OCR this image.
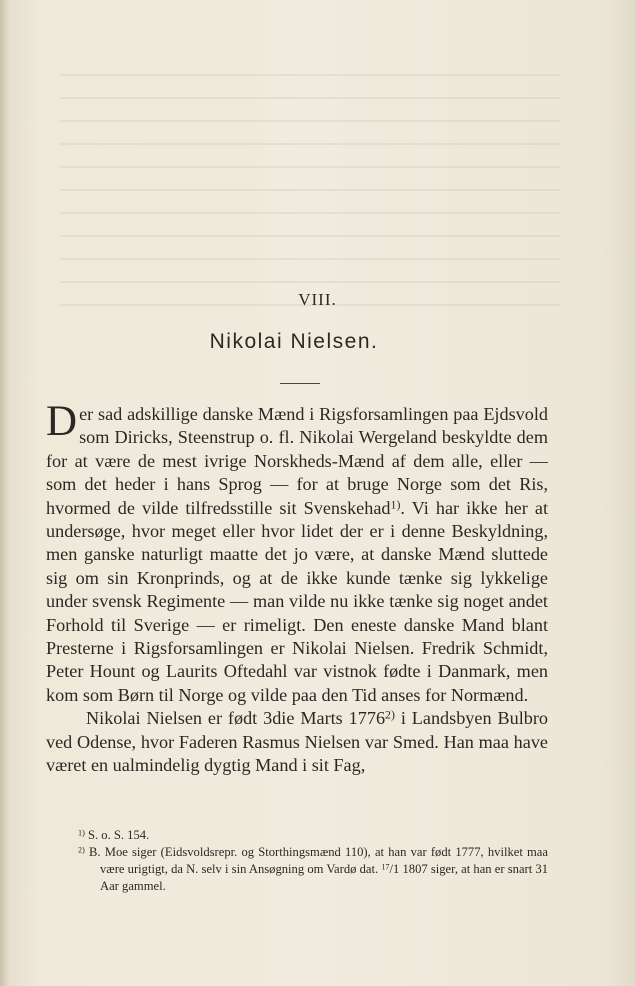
VIII.
Nikolai Nielsen.

Der sad adskillige danske Mænd i Rigsforsamlingen paa Ejdsvold som Diricks, Steenstrup o. fl. Nikolai Wergeland beskyldte dem for at være de mest ivrige Norskheds-Mænd af dem alle, eller — som det heder i hans Sprog — for at bruge Norge som det Ris, hvormed de vilde tilfredsstille sit Svenskehad$^{1)}$. Vi har ikke her at undersøge, hvor meget eller hvor lidet der er i denne Beskyldning, men ganske naturligt maatte det jo være, at danske Mænd sluttede sig om sin Kronprinds, og at de ikke kunde tænke sig lykkelige under svensk Regimente — man vilde nu ikke tænke sig noget andet Forhold til Sverige — er rimeligt. Den eneste danske Mand blant Presterne i Rigsforsamlingen er Nikolai Nielsen. Fredrik Schmidt, Peter Hount og Laurits Oftedahl var vistnok fødte i Danmark, men kom som Børn til Norge og vilde paa den Tid anses for Normænd.

Nikolai Nielsen er født 3die Marts 1776$^{2)}$ i Landsbyen Bulbro ved Odense, hvor Faderen Rasmus Nielsen var Smed. Han maa have været en ualmindelig dygtig Mand i sit Fag,

$^{1)}$ S. o. S. 154.

$^{2)}$ B. Moe siger (Eidsvoldsrepr. og Storthingsmænd 110), at han var født 1777, hvilket maa være urigtigt, da N. selv i sin Ansøgning om Vardø dat. $^{17}$/1 1807 siger, at han er snart 31 Aar gammel.
